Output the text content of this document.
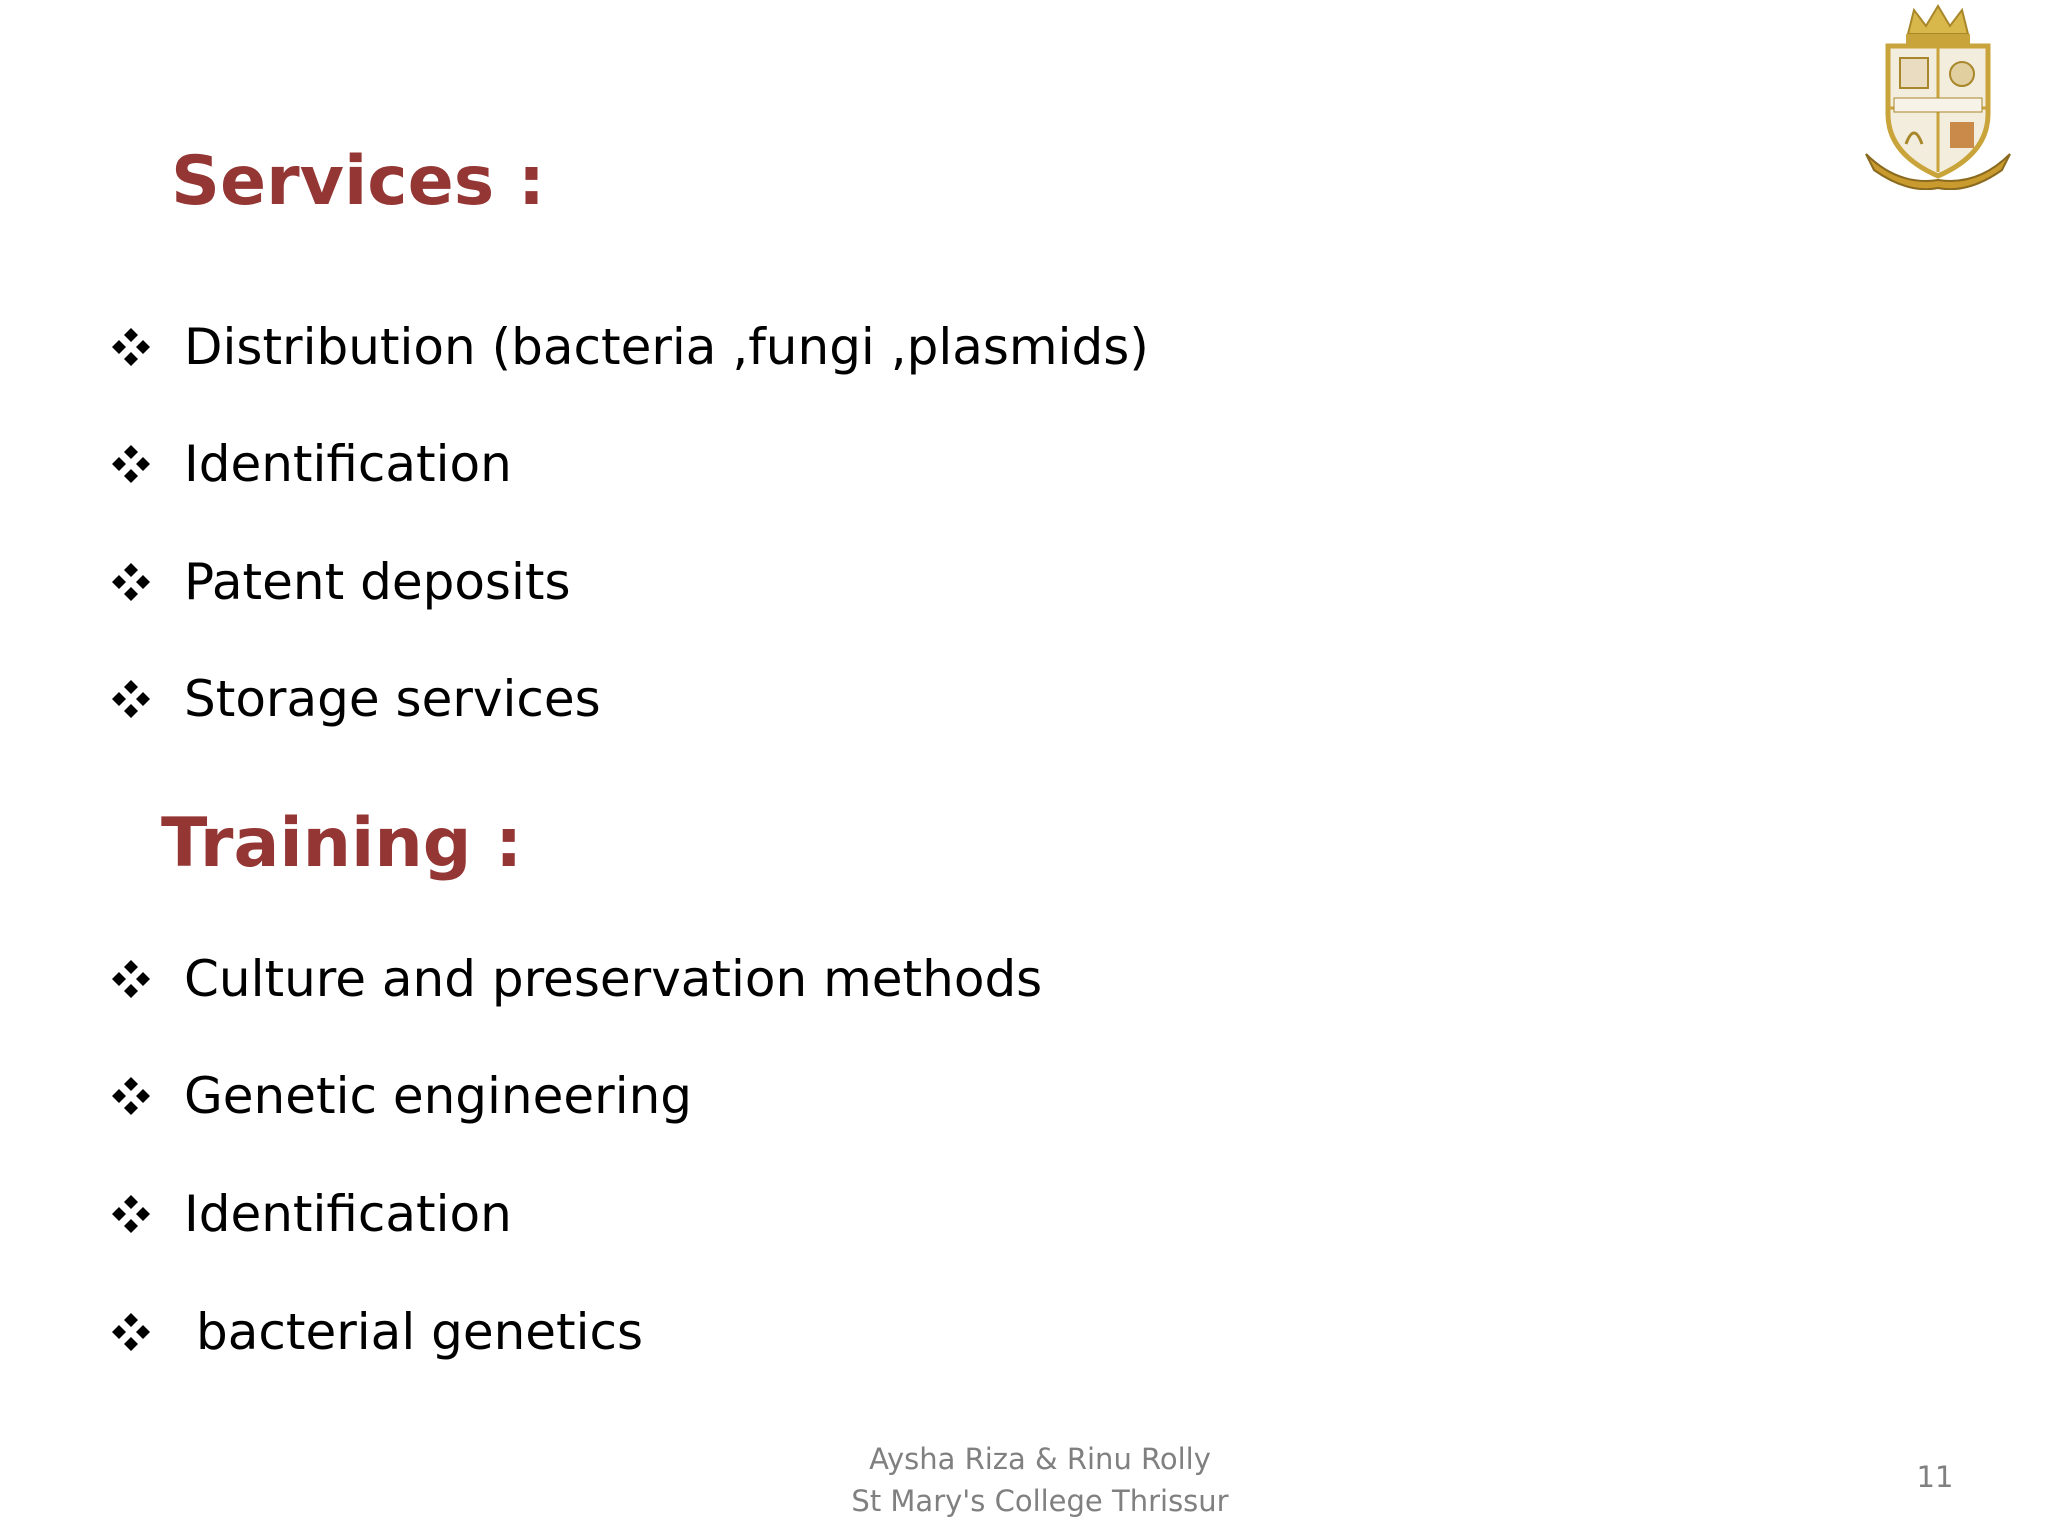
Services :
Distribution (bacteria ,fungi ,plasmids)
Identification
Patent deposits
Storage services
Training :
Culture and preservation methods
Genetic engineering
Identification
bacterial genetics
Aysha Riza & Rinu Rolly
St Mary's College Thrissur
11
